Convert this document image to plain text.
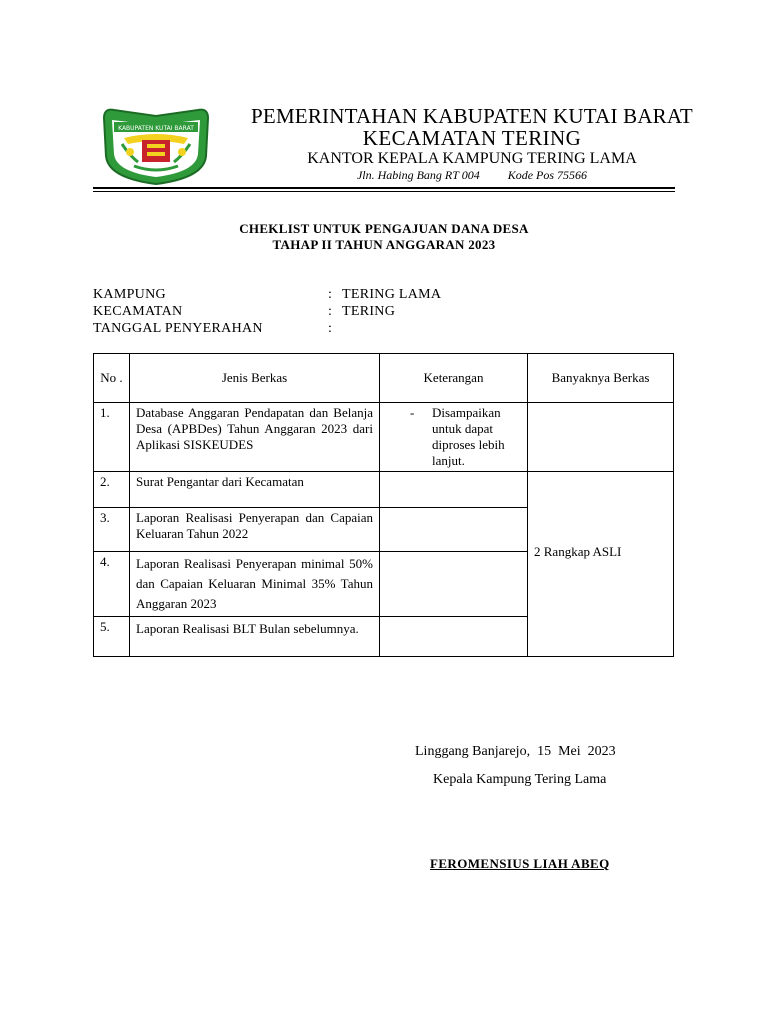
KABUPATEN KUTAI BARAT
PEMERINTAHAN KABUPATEN KUTAI BARAT
KECAMATAN TERING
KANTOR KEPALA KAMPUNG TERING LAMA
Jln. Habing Bang RT 004 Kode Pos 75566
CHEKLIST UNTUK PENGAJUAN DANA DESA
TAHAP II TAHUN ANGGARAN 2023
KAMPUNG	: TERING LAMA
KECAMATAN	: TERING
TANGGAL PENYERAHAN	:
No .	Jenis Berkas	Keterangan	Banyaknya Berkas
1.	Database Anggaran Pendapatan dan Belanja Desa (APBDes) Tahun Anggaran 2023 dari Aplikasi SISKEUDES	- Disampaikan untuk dapat diproses lebih lanjut.	

2.	Surat Pengantar dari Kecamatan		2 Rangkap ASLI
3.	Laporan Realisasi Penyerapan dan Capaian Keluaran Tahun 2022		
4.	Laporan Realisasi Penyerapan minimal 50% dan Capaian Keluaran Minimal 35% Tahun Anggaran 2023		
5.	Laporan Realisasi BLT Bulan sebelumnya.		
Linggang Banjarejo,  15  Mei  2023
Kepala Kampung Tering Lama
FEROMENSIUS LIAH ABEQ
